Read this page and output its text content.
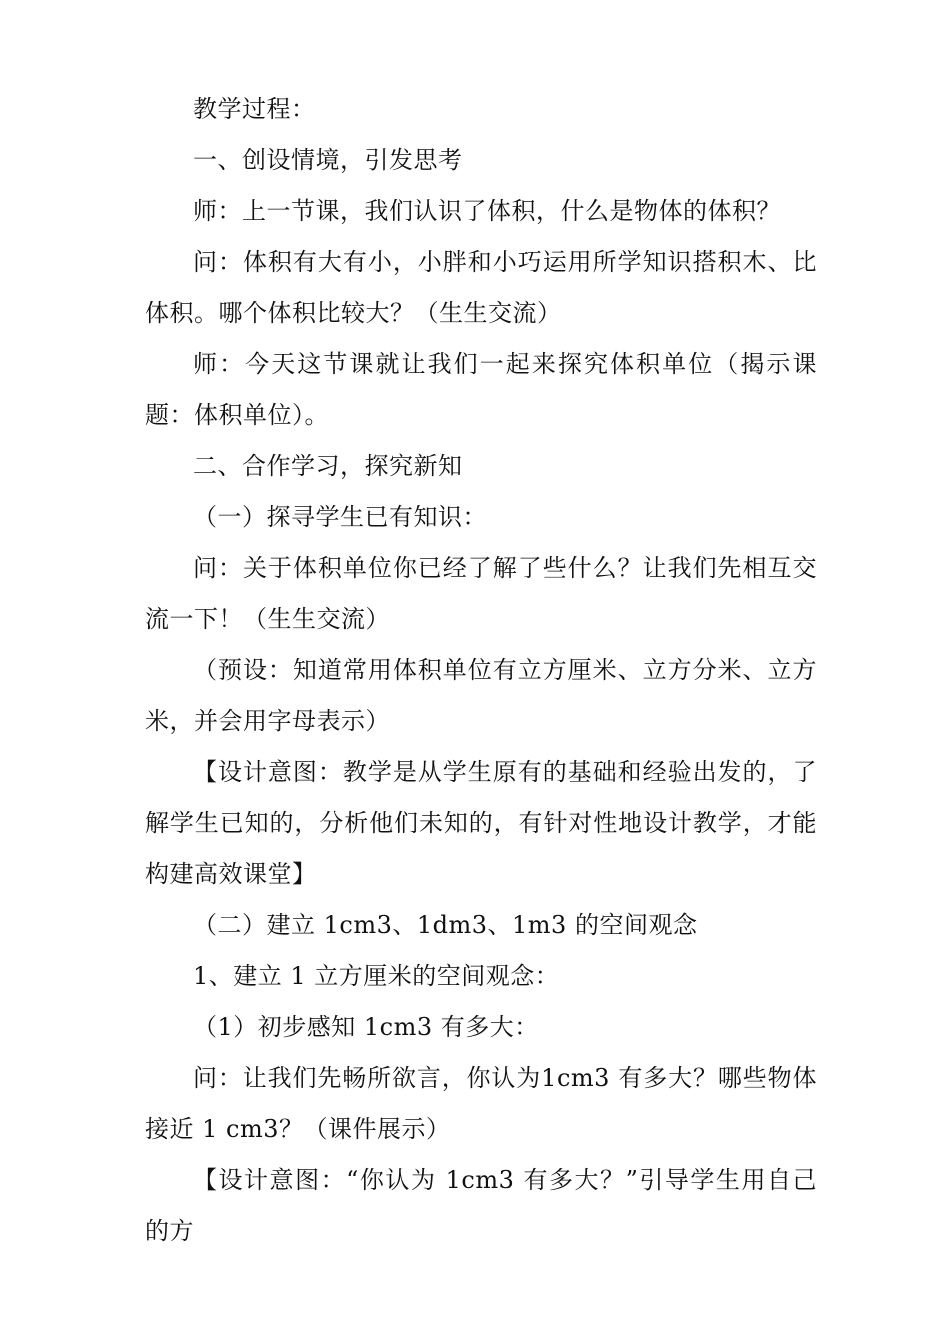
教学过程：

一、创设情境，引发思考

师：上一节课，我们认识了体积，什么是物体的体积？

问：体积有大有小，小胖和小巧运用所学知识搭积木、比体积。哪个体积比较大？（生生交流）

师：今天这节课就让我们一起来探究体积单位（揭示课题：体积单位）。

二、合作学习，探究新知

（一）探寻学生已有知识：

问：关于体积单位你已经了解了些什么？让我们先相互交流一下！（生生交流）

（预设：知道常用体积单位有立方厘米、立方分米、立方米，并会用字母表示）

【设计意图：教学是从学生原有的基础和经验出发的，了解学生已知的，分析他们未知的，有针对性地设计教学，才能构建高效课堂】

（二）建立 1cm3、1dm3、1m3 的空间观念

1、建立 1 立方厘米的空间观念：

（1）初步感知 1cm3 有多大：

问：让我们先畅所欲言，你认为1cm3 有多大？哪些物体接近 1 cm3？（课件展示）

【设计意图：“你认为 1cm3 有多大？”引导学生用自己的方
